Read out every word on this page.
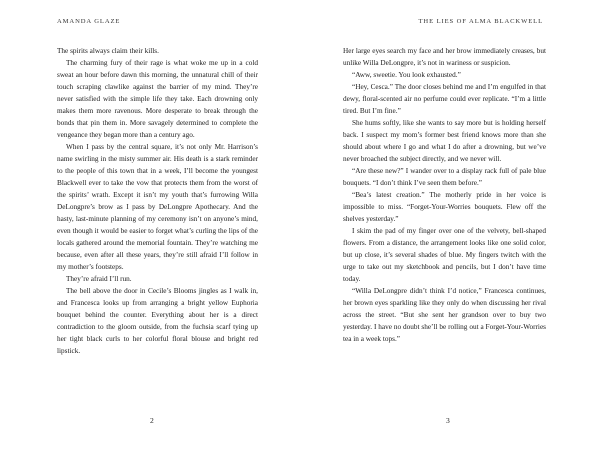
AMANDA GLAZE

The spirits always claim their kills.

The charming fury of their rage is what woke me up in a cold sweat an hour before dawn this morning, the unnatural chill of their touch scraping clawlike against the barrier of my mind. They’re never satisfied with the simple life they take. Each drowning only makes them more ravenous. More desperate to break through the bonds that pin them in. More savagely determined to complete the vengeance they began more than a century ago.

When I pass by the central square, it’s not only Mr. Harrison’s name swirling in the misty summer air. His death is a stark reminder to the people of this town that in a week, I’ll become the youngest Blackwell ever to take the vow that protects them from the worst of the spirits’ wrath. Except it isn’t my youth that’s furrowing Willa DeLongpre’s brow as I pass by DeLongpre Apothecary. And the hasty, last-minute planning of my ceremony isn’t on anyone’s mind, even though it would be easier to forget what’s curling the lips of the locals gathered around the memorial fountain. They’re watching me because, even after all these years, they’re still afraid I’ll follow in my mother’s footsteps.

They’re afraid I’ll run.

The bell above the door in Cecile’s Blooms jingles as I walk in, and Francesca looks up from arranging a bright yellow Euphoria bouquet behind the counter. Everything about her is a direct contradiction to the gloom outside, from the fuchsia scarf tying up her tight black curls to her colorful floral blouse and bright red lipstick.

2
THE LIES OF ALMA BLACKWELL

Her large eyes search my face and her brow immediately creases, but unlike Willa DeLongpre, it’s not in wariness or suspicion.

“Aww, sweetie. You look exhausted.”

“Hey, Cesca.” The door closes behind me and I’m engulfed in that dewy, floral-scented air no perfume could ever replicate. “I’m a little tired. But I’m fine.”

She hums softly, like she wants to say more but is holding herself back. I suspect my mom’s former best friend knows more than she should about where I go and what I do after a drowning, but we’ve never broached the subject directly, and we never will.

“Are these new?” I wander over to a display rack full of pale blue bouquets. “I don’t think I’ve seen them before.”

“Bea’s latest creation.” The motherly pride in her voice is impossible to miss. “Forget-Your-Worries bouquets. Flew off the shelves yesterday.”

I skim the pad of my finger over one of the velvety, bell-shaped flowers. From a distance, the arrangement looks like one solid color, but up close, it’s several shades of blue. My fingers twitch with the urge to take out my sketchbook and pencils, but I don’t have time today.

“Willa DeLongpre didn’t think I’d notice,” Francesca continues, her brown eyes sparkling like they only do when discussing her rival across the street. “But she sent her grandson over to buy two yesterday. I have no doubt she’ll be rolling out a Forget-Your-Worries tea in a week tops.”

3
